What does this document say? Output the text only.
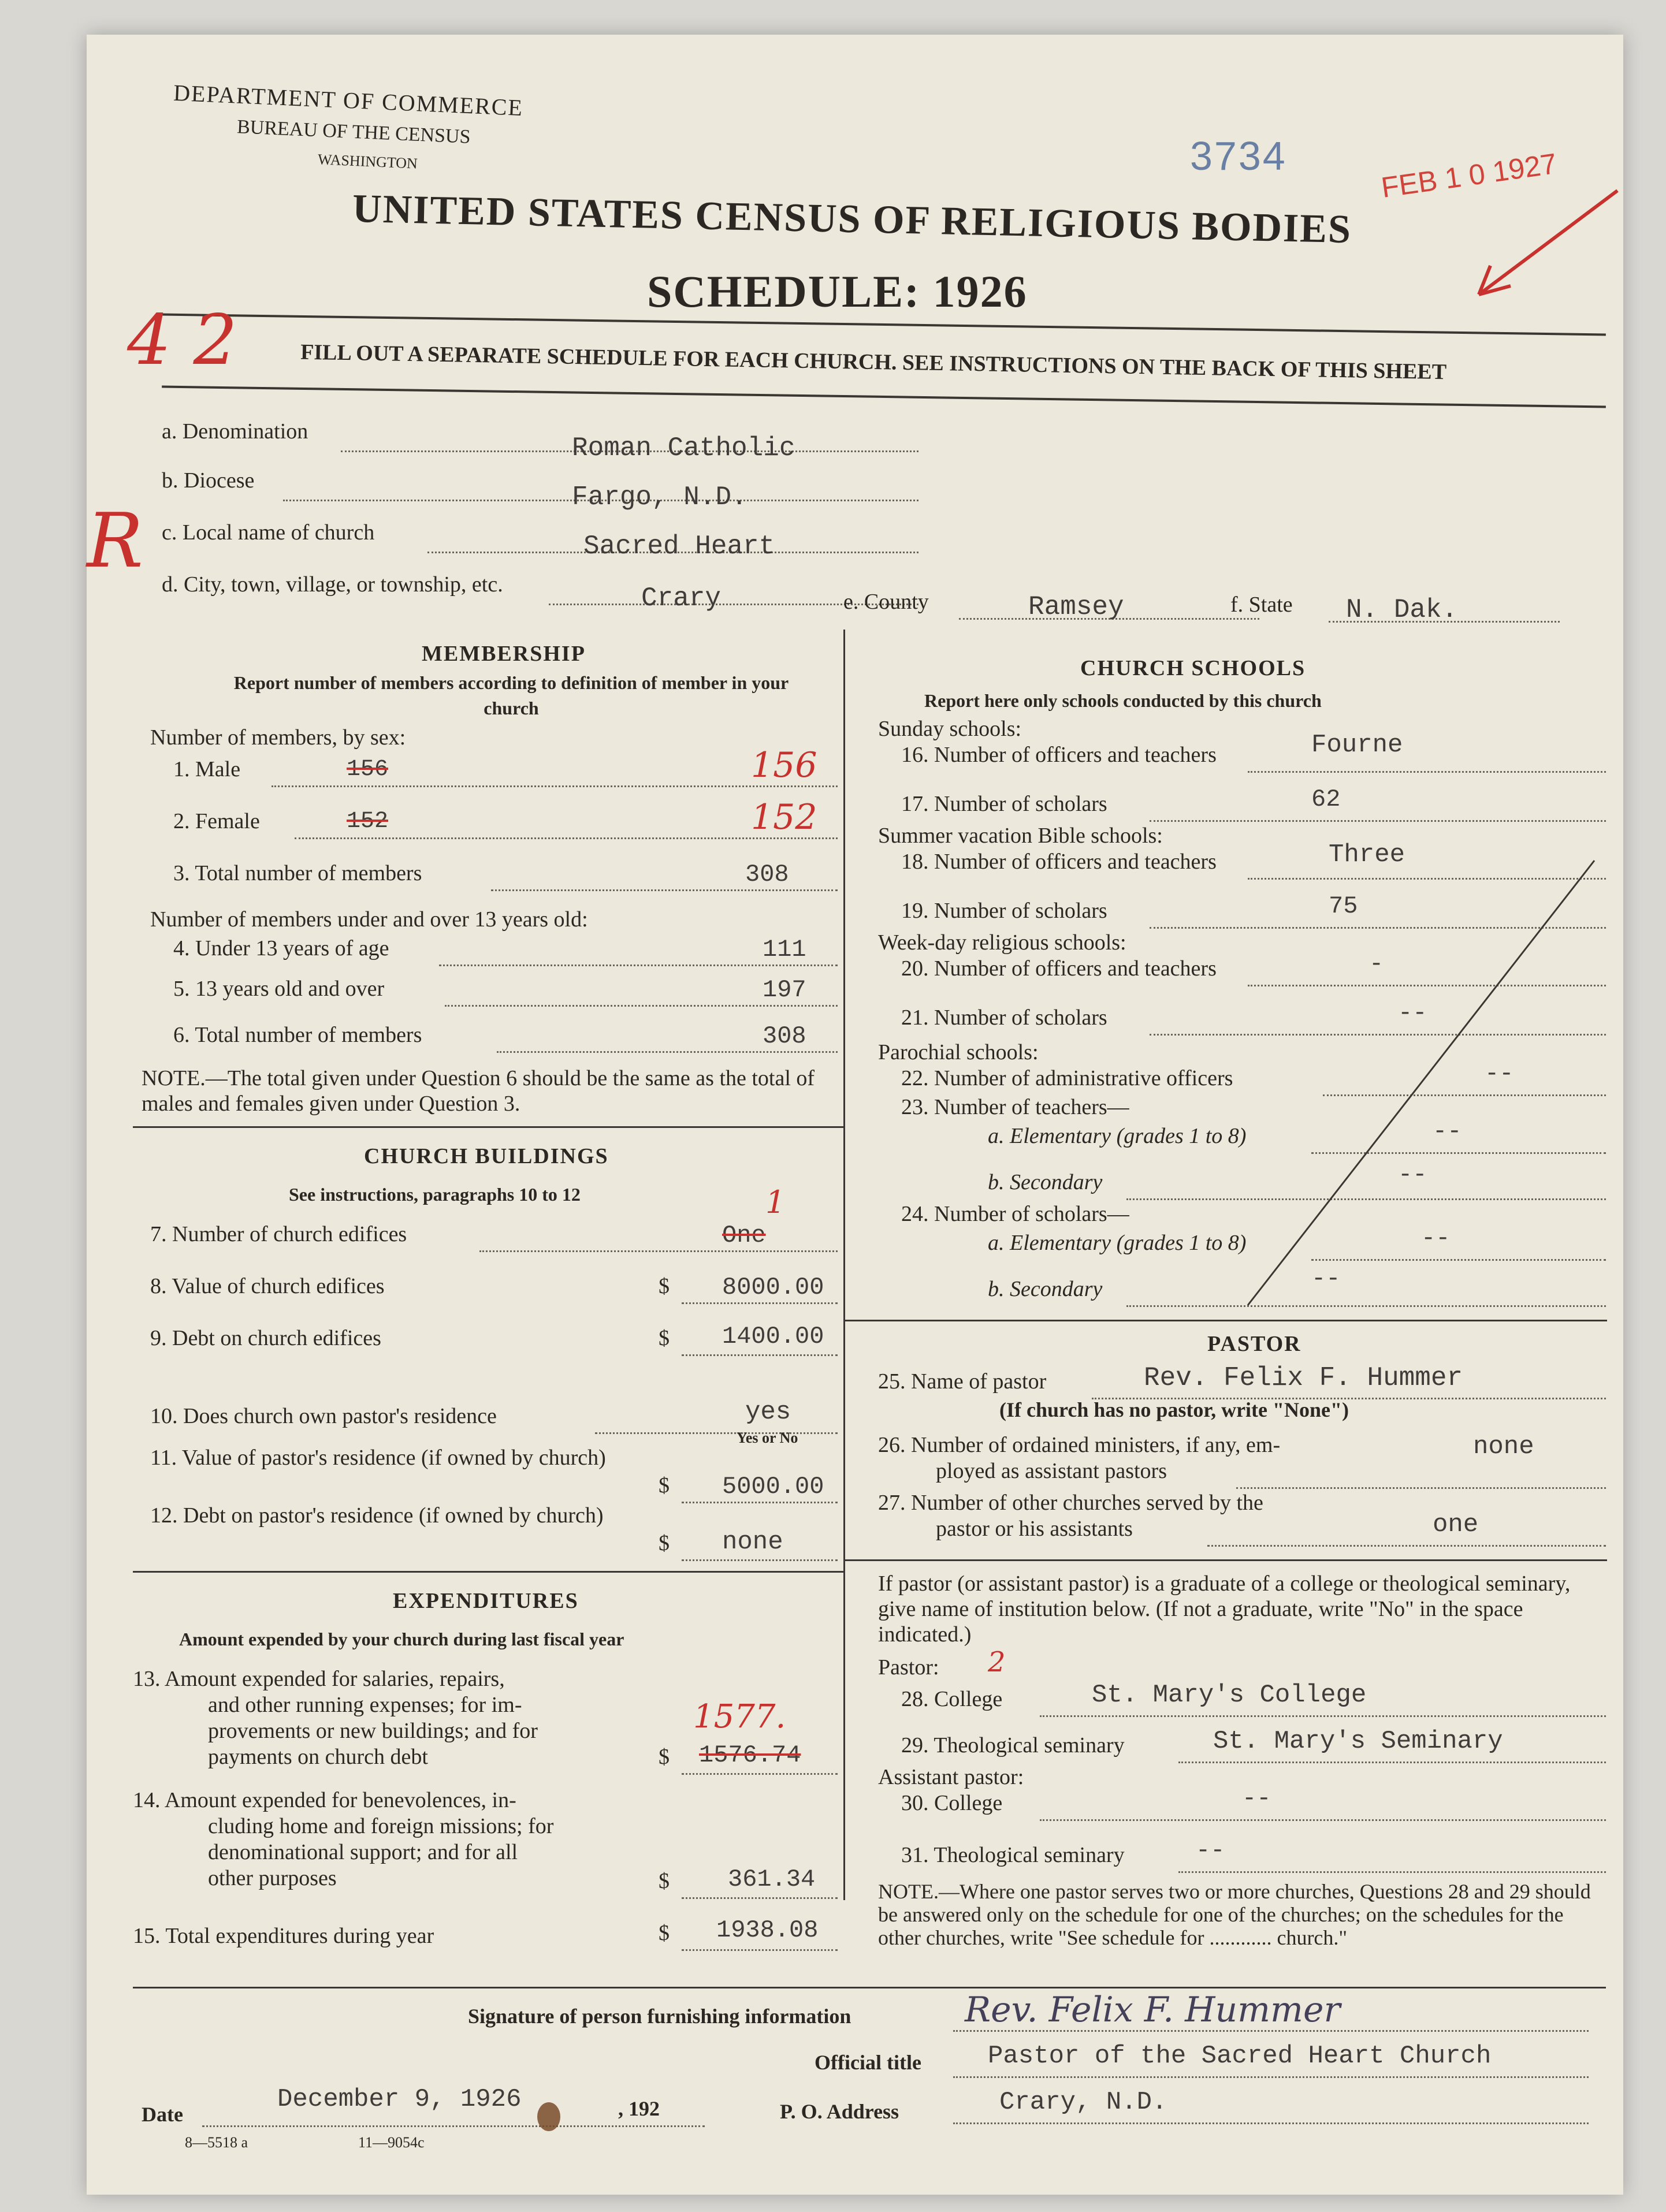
DEPARTMENT OF COMMERCE
BUREAU OF THE CENSUS
WASHINGTON	3734	FEB 1 0 1927
UNITED STATES CENSUS OF RELIGIOUS BODIES
SCHEDULE: 1926
4 2	FILL OUT A SEPARATE SCHEDULE FOR EACH CHURCH. SEE INSTRUCTIONS ON THE BACK OF THIS SHEET
a. Denomination
Roman Catholic
b. Diocese
Fargo, N.D.
R c. Local name of church	Sacred Heart
d. City, town, village, or township, etc.	Crary	e. County	Ramsey	f. State N. Dak.
MEMBERSHIP
Report number of members according to definition of member in your church
Number of members, by sex:
1. Male	156	156
2. Female	152	152
3. Total number of members	308
Number of members under and over 13 years old:
4. Under 13 years of age	111
5. 13 years old and over	197
6. Total number of members	308
NOTE.—The total given under Question 6 should be the same as the total of males and females given under Question 3.
CHURCH BUILDINGS
See instructions, paragraphs 10 to 12
7. Number of church edifices	One
1
8. Value of church edifices	$ 8000.00
9. Debt on church edifices	$ 1400.00
10. Does church own pastor's residence	yes
Yes or No
11. Value of pastor's residence (if owned by church)
$ 5000.00
12. Debt on pastor's residence (if owned by church)
$ none
EXPENDITURES
Amount expended by your church during last fiscal year
13. Amount expended for salaries, repairs,
and other running expenses; for im-
provements or new buildings; and for
payments on church debt	$
1577.
1576.74
14. Amount expended for benevolences, in-
cluding home and foreign missions; for
denominational support; and for all
other purposes	$ 361.34
15. Total expenditures during year	$ 1938.08
CHURCH SCHOOLS
Report here only schools conducted by this church
Sunday schools:
16. Number of officers and teachers	Fourne
17. Number of scholars	62
Summer vacation Bible schools:
18. Number of officers and teachers	Three
19. Number of scholars	75
Week-day religious schools:
20. Number of officers and teachers	-
21. Number of scholars	--
Parochial schools:
22. Number of administrative officers	--
23. Number of teachers—
a. Elementary (grades 1 to 8)	--
b. Secondary	--
24. Number of scholars—
a. Elementary (grades 1 to 8)	--
b. Secondary	--
PASTOR
25. Name of pastor	Rev. Felix F. Hummer
(If church has no pastor, write "None")
26. Number of ordained ministers, if any, em-
ployed as assistant pastors
none
27. Number of other churches served by the
pastor or his assistants	one
If pastor (or assistant pastor) is a graduate of a college or theological seminary, give name of institution below. (If not a graduate, write "No" in the space indicated.)
Pastor: 2
28. College	St. Mary's College
29. Theological seminary	St. Mary's Seminary
Assistant pastor:
30. College	--
31. Theological seminary	--
NOTE.—Where one pastor serves two or more churches, Questions 28 and 29 should be answered only on the schedule for one of the churches; on the schedules for the other churches, write "See schedule for ............ church."
Signature of person furnishing information	Rev. Felix F. Hummer
Official title	Pastor of the Sacred Heart Church
Date
December 9, 1926	, 192
8—5518 a	11—9054c
P. O. Address	Crary, N.D.
